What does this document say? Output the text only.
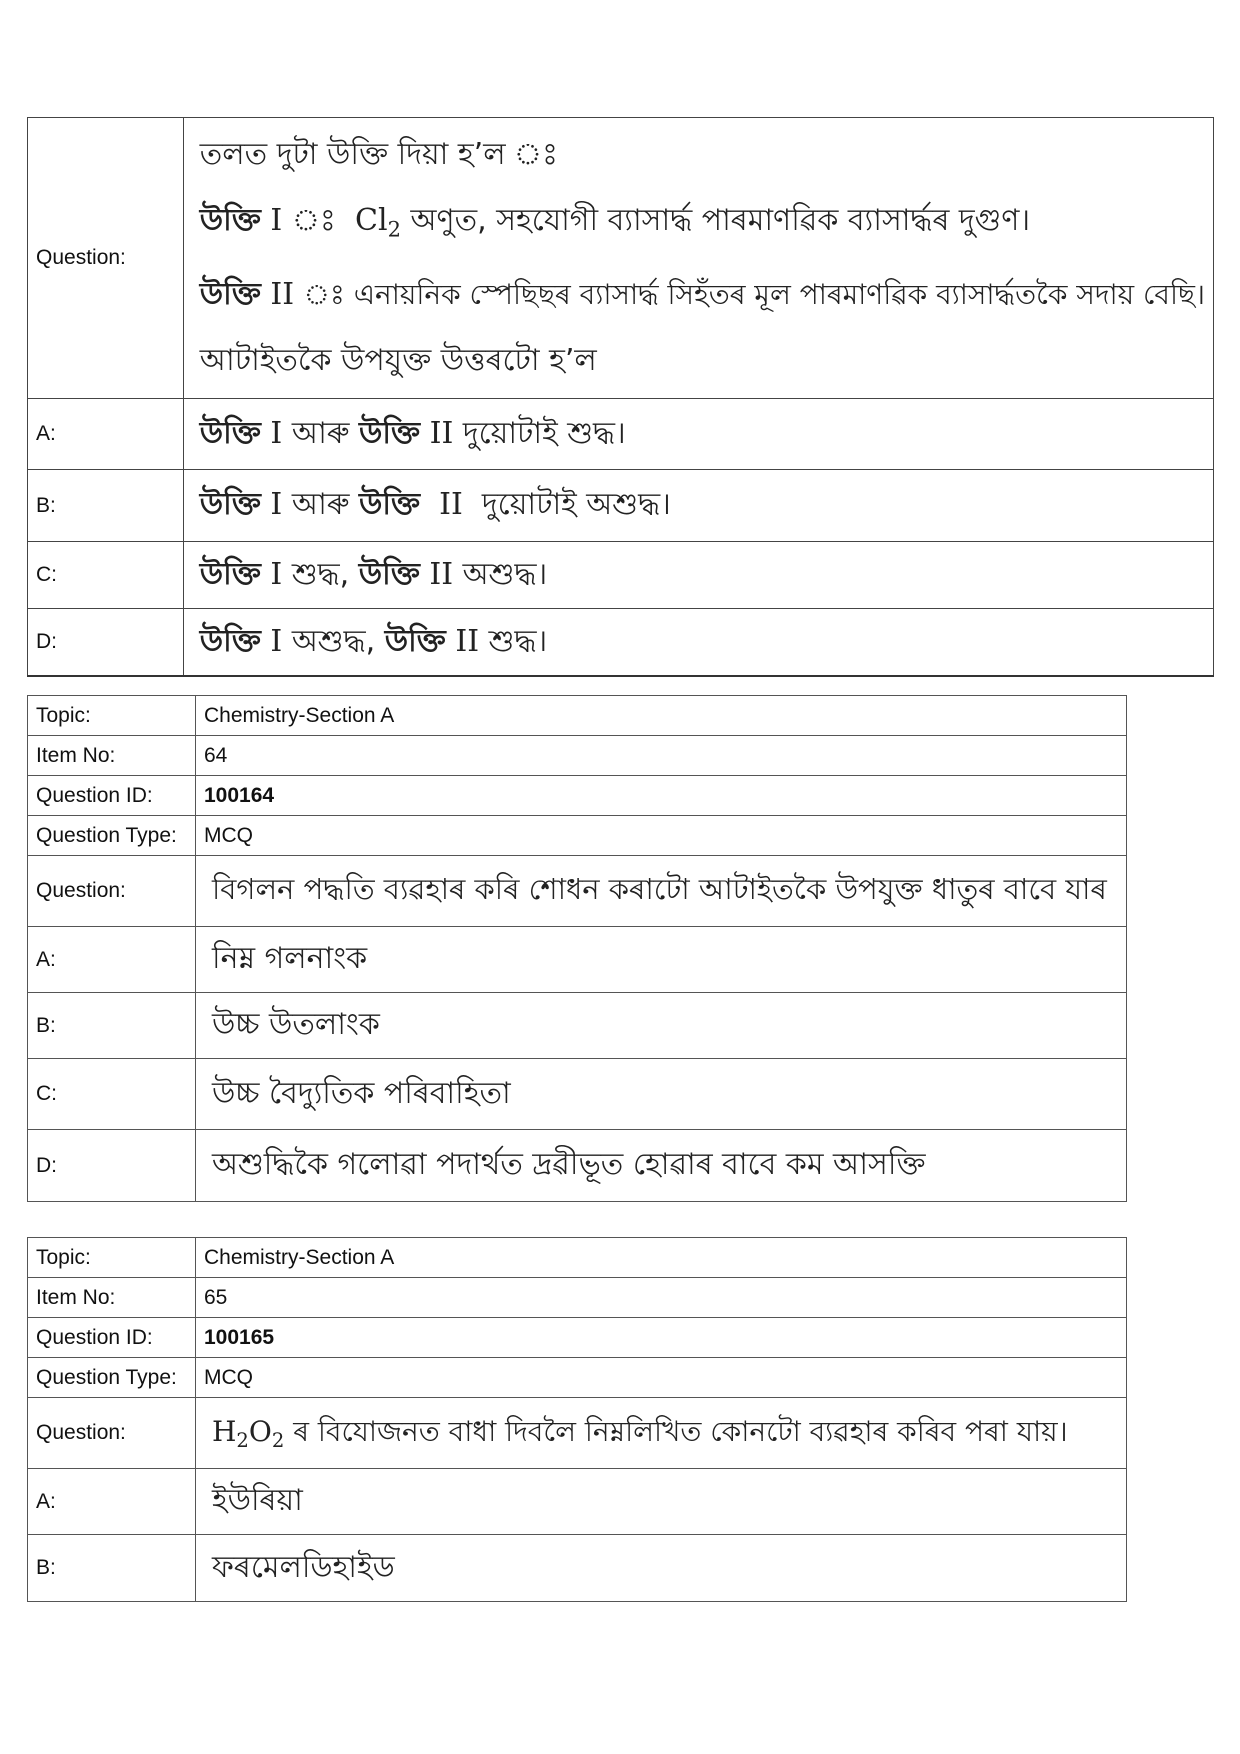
Question:	তলত দুটা উক্তি দিয়া হ’ল ঃ
উক্তি I ঃ $Cl_2$ অণুত, সহযোগী ব্যাসাৰ্দ্ধ পাৰমাণৱিক ব্যাসাৰ্দ্ধৰ দুগুণ।
উক্তি II ঃ এনায়নিক স্পেছিছৰ ব্যাসাৰ্দ্ধ সিহঁতৰ মূল পাৰমাণৱিক ব্যাসাৰ্দ্ধতকৈ সদায় বেছি।
আটাইতকৈ উপযুক্ত উত্তৰটো হ’ল

A:	উক্তি I আৰু উক্তি II দুয়োটাই শুদ্ধ।
B:	উক্তি I আৰু উক্তি II দুয়োটাই অশুদ্ধ।
C:	উক্তি I শুদ্ধ, উক্তি II অশুদ্ধ।
D:	উক্তি I অশুদ্ধ, উক্তি II শুদ্ধ।
Topic:	Chemistry-Section A
Item No:	64
Question ID:	100164
Question Type:	MCQ
Question:	বিগলন পদ্ধতি ব্যৱহাৰ কৰি শোধন কৰাটো আটাইতকৈ উপযুক্ত ধাতুৰ বাবে যাৰ
A:	নিম্ন গলনাংক
B:	উচ্চ উতলাংক
C:	উচ্চ বৈদ্যুতিক পৰিবাহিতা
D:	অশুদ্ধিকৈ গলোৱা পদাৰ্থত দ্ৰৱীভূত হোৱাৰ বাবে কম আসক্তি
Topic:	Chemistry-Section A
Item No:	65
Question ID:	100165
Question Type:	MCQ
Question:	$H_2O_2$ ৰ বিযোজনত বাধা দিবলৈ নিম্নলিখিত কোনটো ব্যৱহাৰ কৰিব পৰা যায়।
A:	ইউৰিয়া
B:	ফৰমেলডিহাইড
